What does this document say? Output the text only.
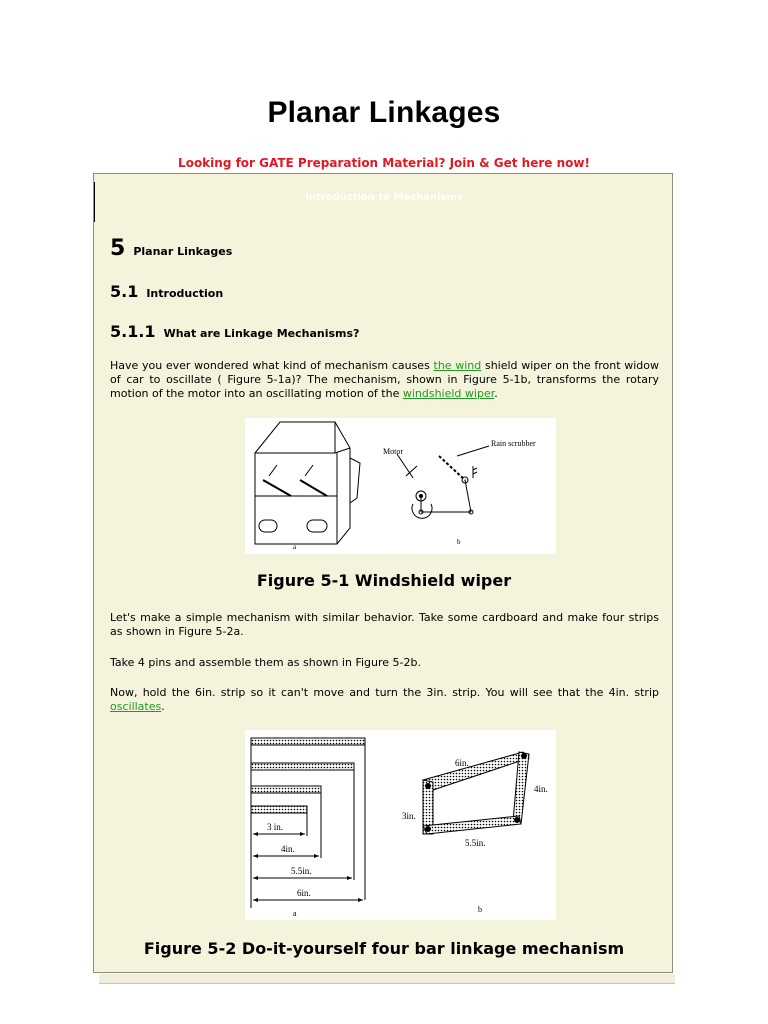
Planar Linkages
Looking for GATE Preparation Material? Join & Get here now!
Introduction to Mechanisms
5 Planar Linkages
5.1 Introduction
5.1.1 What are Linkage Mechanisms?

Have you ever wondered what kind of mechanism causes the wind shield wiper on the front widow of car to oscillate ( Figure 5-1a)? The mechanism, shown in Figure 5-1b, transforms the rotary motion of the motor into an oscillating motion of the windshield wiper.

Motor
Rain scrubber
a
b
Figure 5-1 Windshield wiper

Let's make a simple mechanism with similar behavior. Take some cardboard and make four strips as shown in Figure 5-2a.

Take 4 pins and assemble them as shown in Figure 5-2b.

Now, hold the 6in. strip so it can't move and turn the 3in. strip. You will see that the 4in. strip oscillates.

3 in.
4in.
5.5in.
6in.
6in.
4in.
3in.
5.5in.
a	b
Figure 5-2 Do-it-yourself four bar linkage mechanism
